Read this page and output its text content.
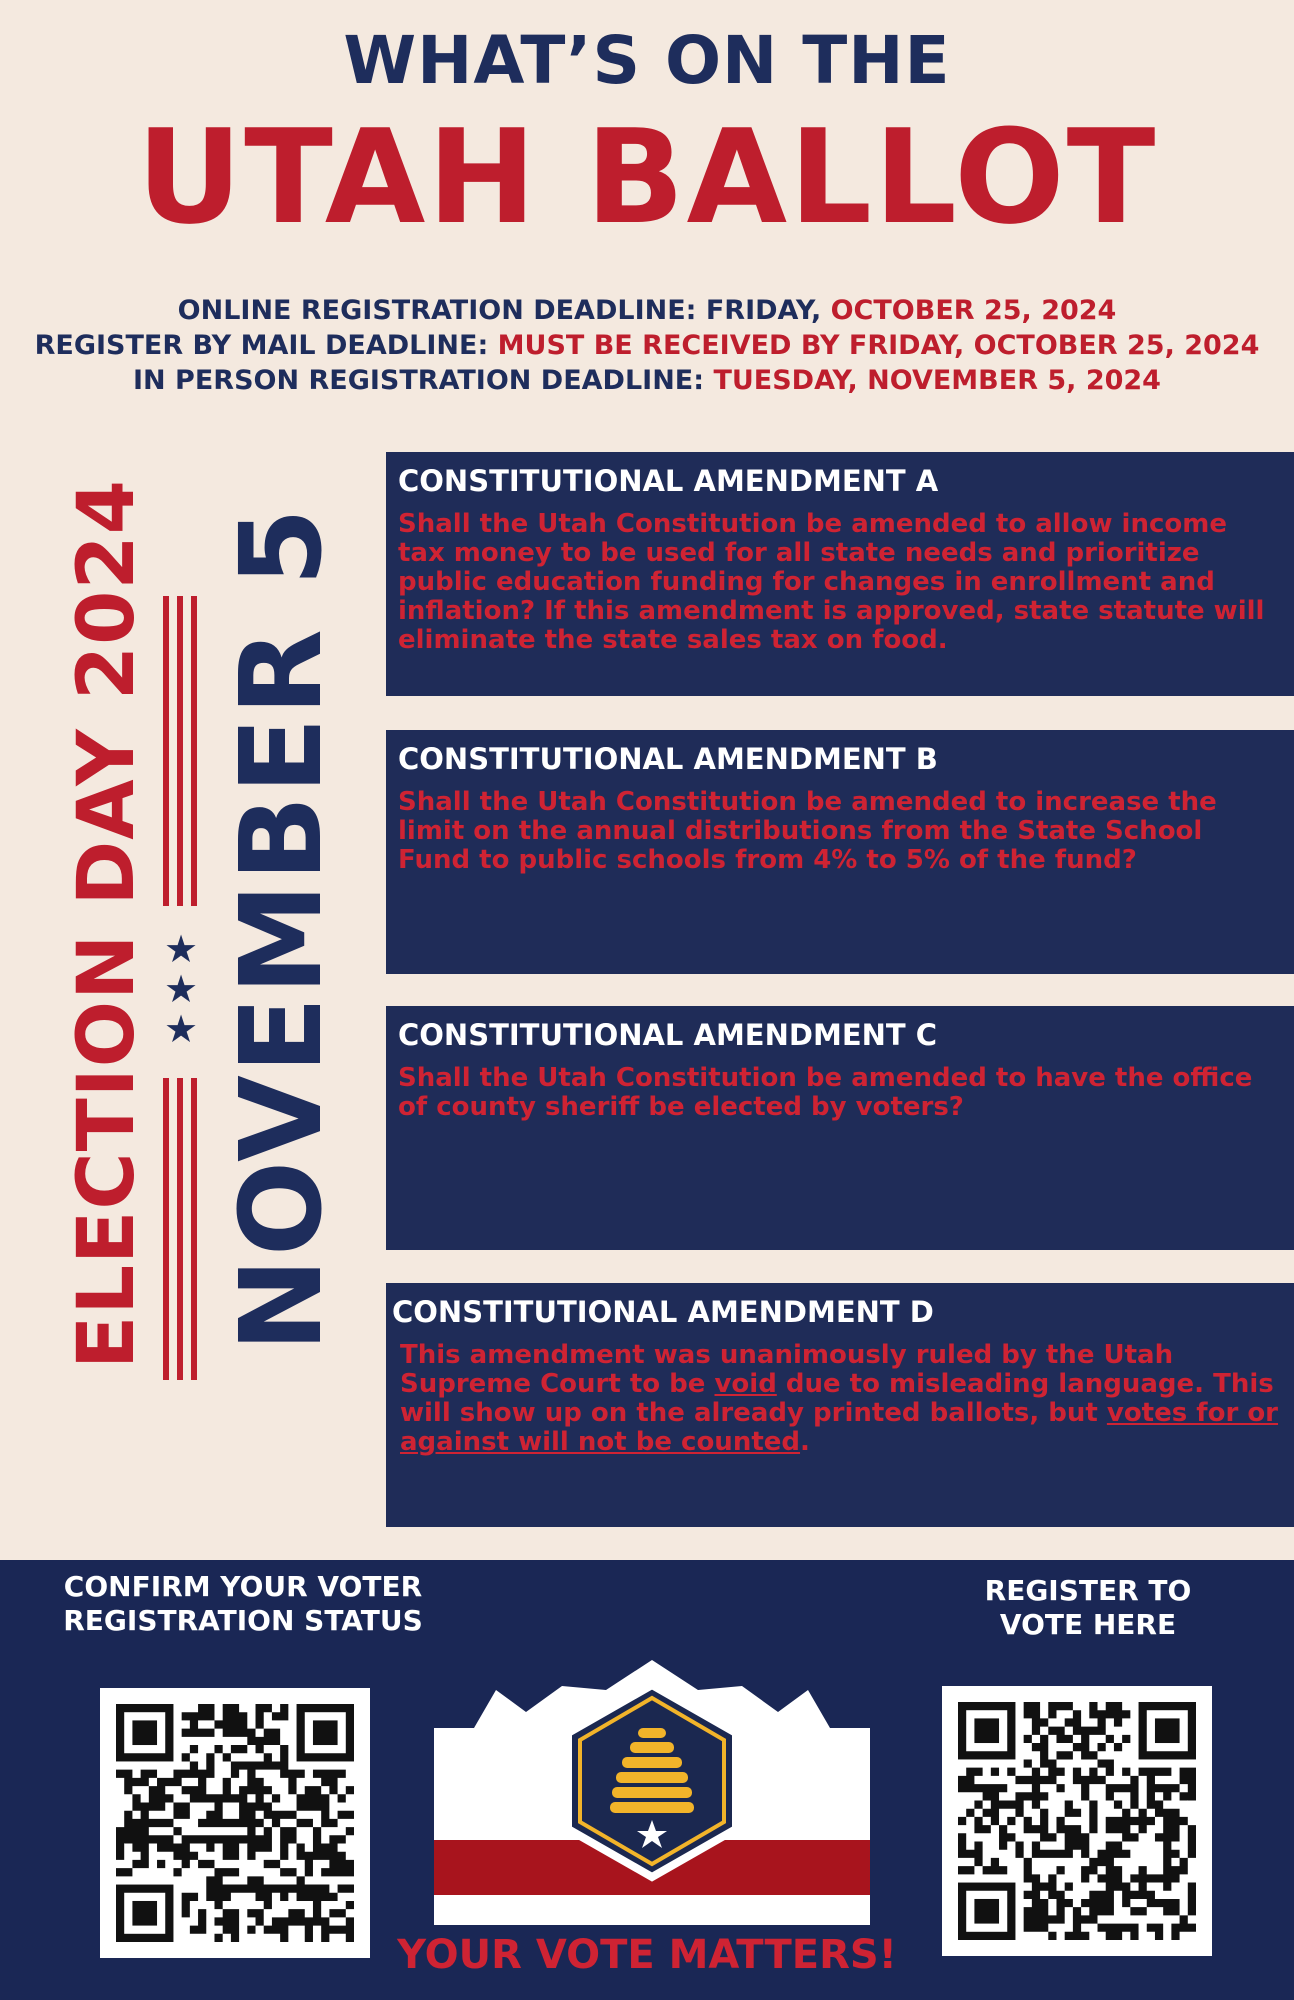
WHAT’S ON THE
UTAH BALLOT
ONLINE REGISTRATION DEADLINE: FRIDAY, OCTOBER 25, 2024
REGISTER BY MAIL DEADLINE: MUST BE RECEIVED BY FRIDAY, OCTOBER 25, 2024
IN PERSON REGISTRATION DEADLINE: TUESDAY, NOVEMBER 5, 2024
ELECTION DAY 2024 NOVEMBER 5
★
★
★
CONSTITUTIONAL AMENDMENT A

Shall the Utah Constitution be amended to allow income tax money to be used for all state needs and prioritize public education funding for changes in enrollment and inflation? If this amendment is approved, state statute will eliminate the state sales tax on food.

CONSTITUTIONAL AMENDMENT B

Shall the Utah Constitution be amended to increase the limit on the annual distributions from the State School Fund to public schools from 4% to 5% of the fund?

CONSTITUTIONAL AMENDMENT C

Shall the Utah Constitution be amended to have the office of county sheriff be elected by voters?

CONSTITUTIONAL AMENDMENT D

This amendment was unanimously ruled by the Utah Supreme Court to be void due to misleading language. This will show up on the already printed ballots, but votes for or against will not be counted.

CONFIRM YOUR VOTER REGISTRATION STATUS
REGISTER TO VOTE HERE
YOUR VOTE MATTERS!
